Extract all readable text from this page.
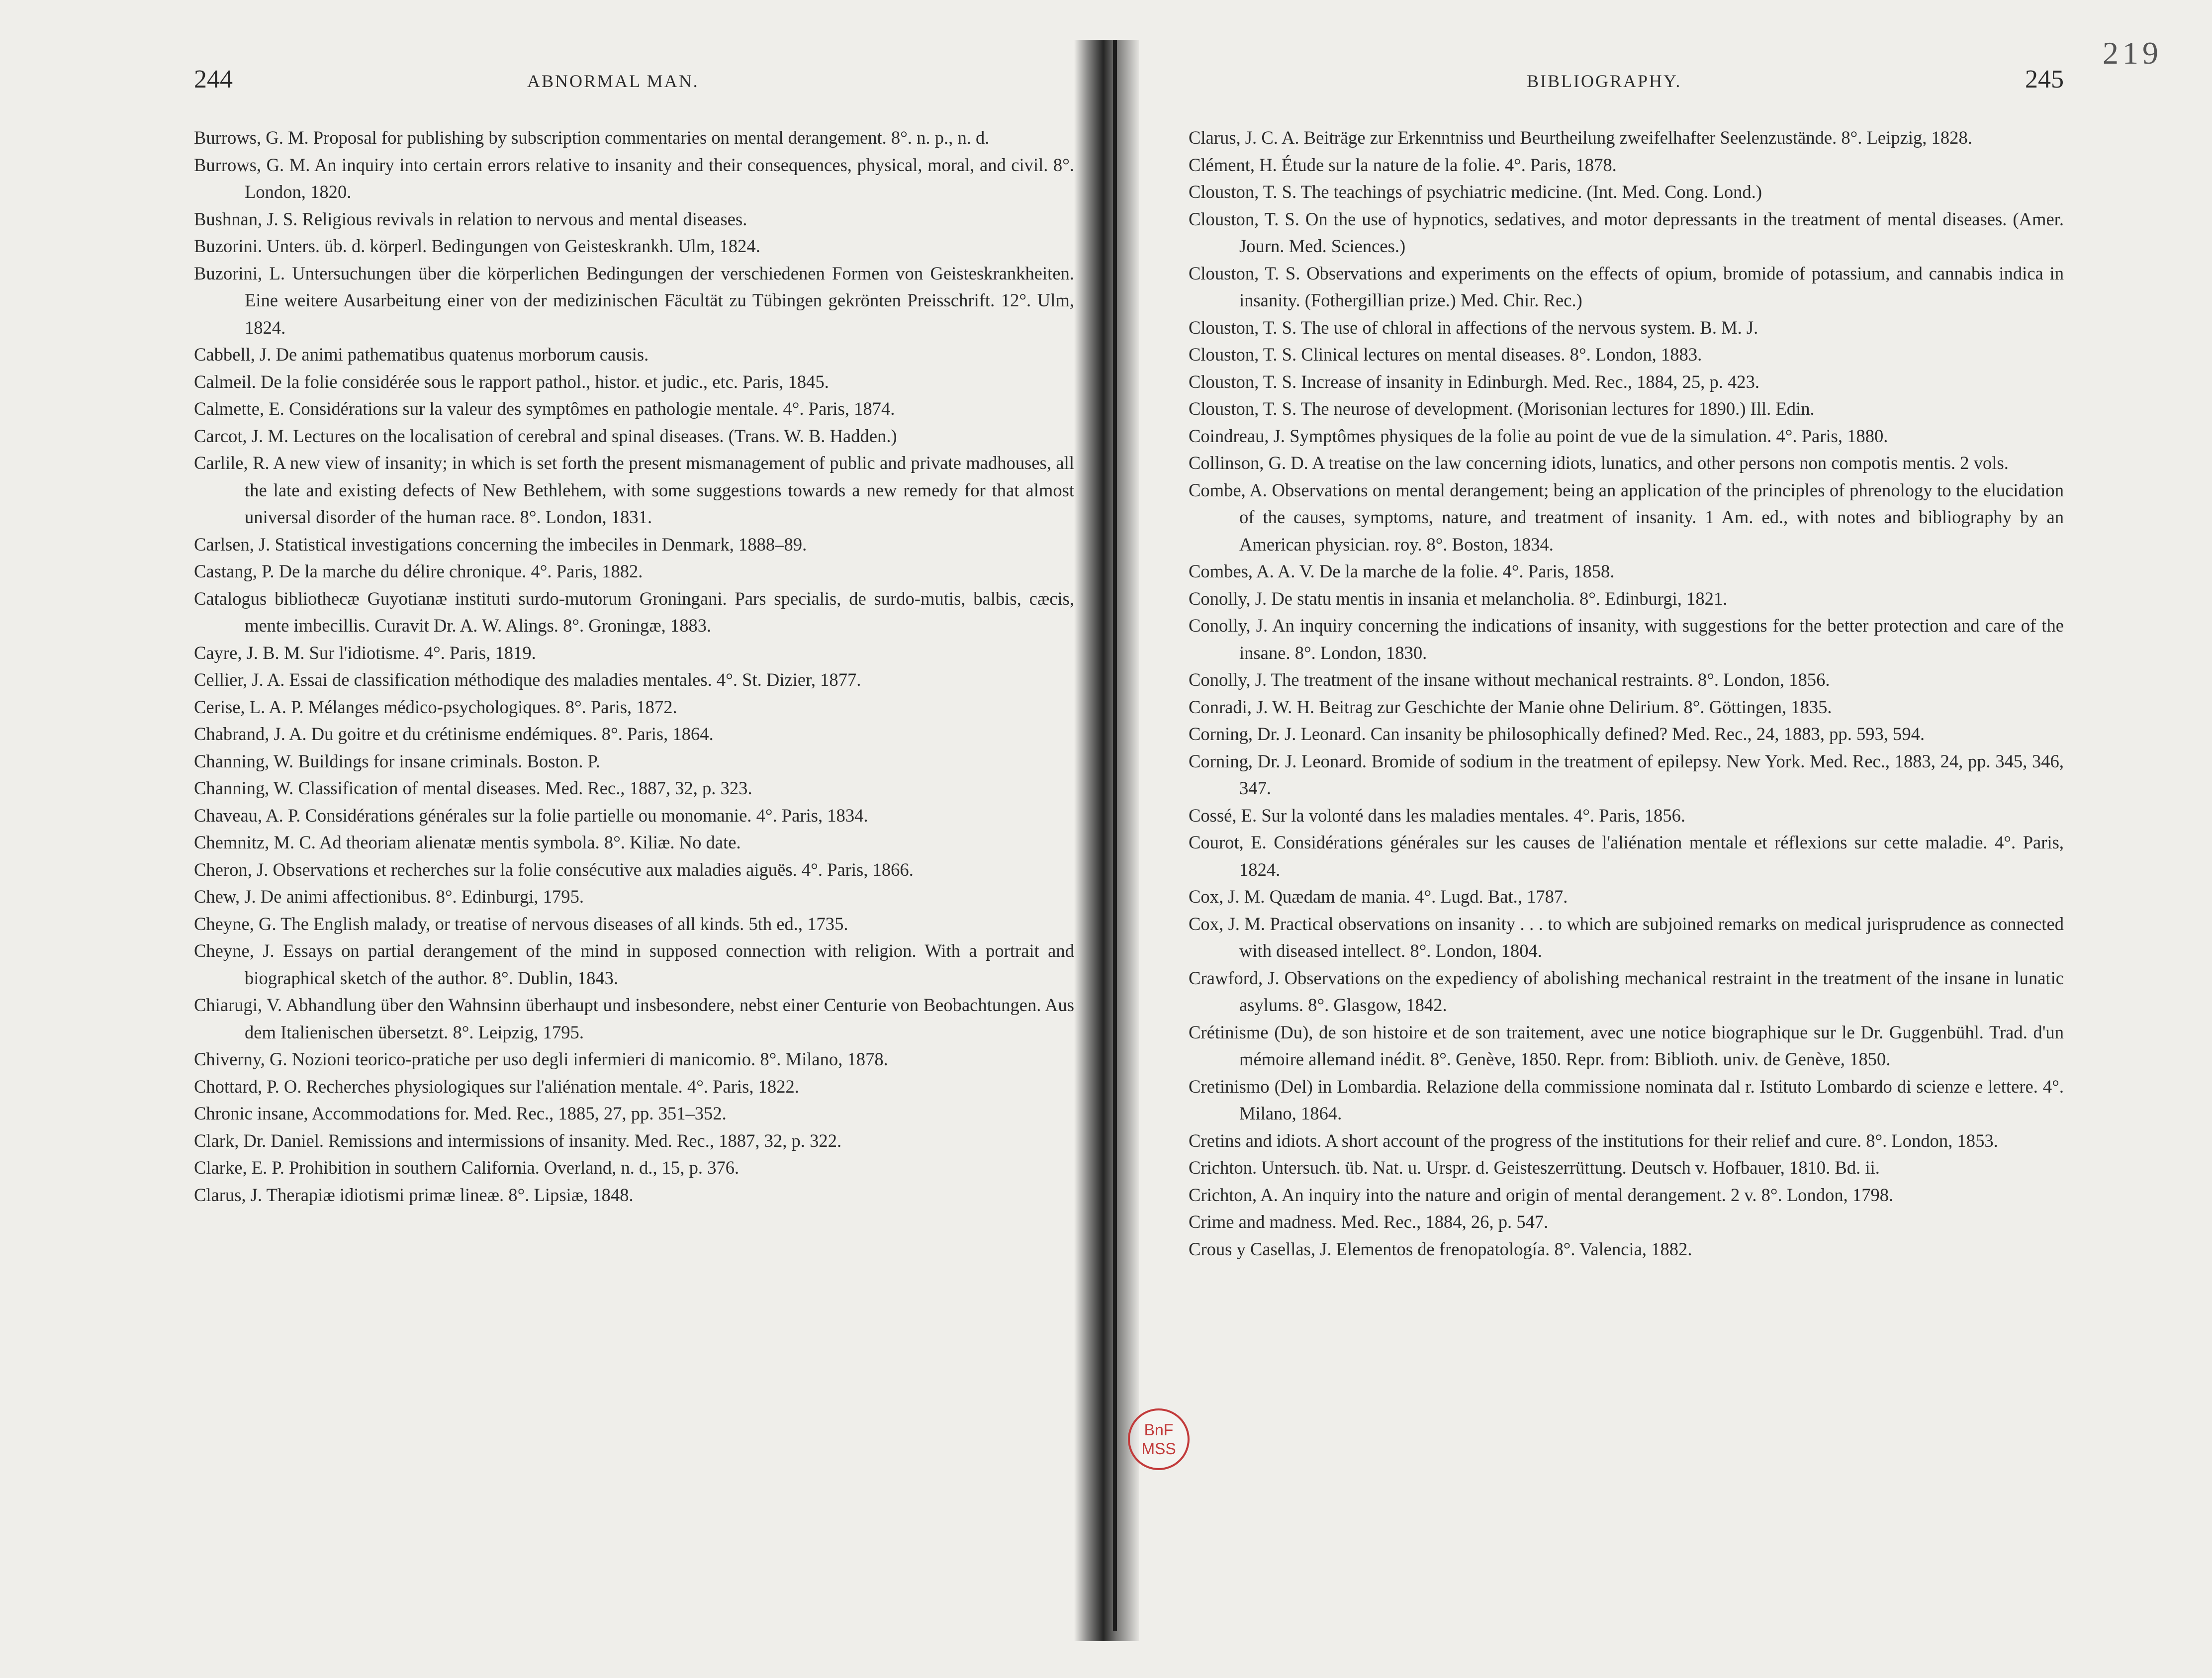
219
244	ABNORMAL MAN.
Burrows, G. M. Proposal for publishing by subscription commentaries on mental derangement. 8°. n. p., n. d.
Burrows, G. M. An inquiry into certain errors relative to insanity and their consequences, physical, moral, and civil. 8°. London, 1820.
Bushnan, J. S. Religious revivals in relation to nervous and mental diseases.
Buzorini. Unters. üb. d. körperl. Bedingungen von Geisteskrankh. Ulm, 1824.
Buzorini, L. Untersuchungen über die körperlichen Bedingungen der verschiedenen Formen von Geisteskrankheiten. Eine weitere Ausarbeitung einer von der medizinischen Fäcultät zu Tübingen gekrönten Preisschrift. 12°. Ulm, 1824.
Cabbell, J. De animi pathematibus quatenus morborum causis.
Calmeil. De la folie considérée sous le rapport pathol., histor. et judic., etc. Paris, 1845.
Calmette, E. Considérations sur la valeur des symptômes en pathologie mentale. 4°. Paris, 1874.
Carcot, J. M. Lectures on the localisation of cerebral and spinal diseases. (Trans. W. B. Hadden.)
Carlile, R. A new view of insanity; in which is set forth the present mismanagement of public and private madhouses, all the late and existing defects of New Bethlehem, with some suggestions towards a new remedy for that almost universal disorder of the human race. 8°. London, 1831.
Carlsen, J. Statistical investigations concerning the imbeciles in Denmark, 1888–89.
Castang, P. De la marche du délire chronique. 4°. Paris, 1882.
Catalogus bibliothecæ Guyotianæ instituti surdo-mutorum Groningani. Pars specialis, de surdo-mutis, balbis, cæcis, mente imbecillis. Curavit Dr. A. W. Alings. 8°. Groningæ, 1883.
Cayre, J. B. M. Sur l'idiotisme. 4°. Paris, 1819.
Cellier, J. A. Essai de classification méthodique des maladies mentales. 4°. St. Dizier, 1877.
Cerise, L. A. P. Mélanges médico-psychologiques. 8°. Paris, 1872.
Chabrand, J. A. Du goitre et du crétinisme endémiques. 8°. Paris, 1864.
Channing, W. Buildings for insane criminals. Boston. P.
Channing, W. Classification of mental diseases. Med. Rec., 1887, 32, p. 323.
Chaveau, A. P. Considérations générales sur la folie partielle ou monomanie. 4°. Paris, 1834.
Chemnitz, M. C. Ad theoriam alienatæ mentis symbola. 8°. Kiliæ. No date.
Cheron, J. Observations et recherches sur la folie consécutive aux maladies aiguës. 4°. Paris, 1866.
Chew, J. De animi affectionibus. 8°. Edinburgi, 1795.
Cheyne, G. The English malady, or treatise of nervous diseases of all kinds. 5th ed., 1735.
Cheyne, J. Essays on partial derangement of the mind in supposed connection with religion. With a portrait and biographical sketch of the author. 8°. Dublin, 1843.
Chiarugi, V. Abhandlung über den Wahnsinn überhaupt und insbesondere, nebst einer Centurie von Beobachtungen. Aus dem Italienischen übersetzt. 8°. Leipzig, 1795.
Chiverny, G. Nozioni teorico-pratiche per uso degli infermieri di manicomio. 8°. Milano, 1878.
Chottard, P. O. Recherches physiologiques sur l'aliénation mentale. 4°. Paris, 1822.
Chronic insane, Accommodations for. Med. Rec., 1885, 27, pp. 351–352.
Clark, Dr. Daniel. Remissions and intermissions of insanity. Med. Rec., 1887, 32, p. 322.
Clarke, E. P. Prohibition in southern California. Overland, n. d., 15, p. 376.
Clarus, J. Therapiæ idiotismi primæ lineæ. 8°. Lipsiæ, 1848.
BIBLIOGRAPHY.	245
Clarus, J. C. A. Beiträge zur Erkenntniss und Beurtheilung zweifelhafter Seelenzustände. 8°. Leipzig, 1828.
Clément, H. Étude sur la nature de la folie. 4°. Paris, 1878.
Clouston, T. S. The teachings of psychiatric medicine. (Int. Med. Cong. Lond.)
Clouston, T. S. On the use of hypnotics, sedatives, and motor depressants in the treatment of mental diseases. (Amer. Journ. Med. Sciences.)
Clouston, T. S. Observations and experiments on the effects of opium, bromide of potassium, and cannabis indica in insanity. (Fothergillian prize.) Med. Chir. Rec.)
Clouston, T. S. The use of chloral in affections of the nervous system. B. M. J.
Clouston, T. S. Clinical lectures on mental diseases. 8°. London, 1883.
Clouston, T. S. Increase of insanity in Edinburgh. Med. Rec., 1884, 25, p. 423.
Clouston, T. S. The neurose of development. (Morisonian lectures for 1890.) Ill. Edin.
Coindreau, J. Symptômes physiques de la folie au point de vue de la simulation. 4°. Paris, 1880.
Collinson, G. D. A treatise on the law concerning idiots, lunatics, and other persons non compotis mentis. 2 vols.
Combe, A. Observations on mental derangement; being an application of the principles of phrenology to the elucidation of the causes, symptoms, nature, and treatment of insanity. 1 Am. ed., with notes and bibliography by an American physician. roy. 8°. Boston, 1834.
Combes, A. A. V. De la marche de la folie. 4°. Paris, 1858.
Conolly, J. De statu mentis in insania et melancholia. 8°. Edinburgi, 1821.
Conolly, J. An inquiry concerning the indications of insanity, with suggestions for the better protection and care of the insane. 8°. London, 1830.
Conolly, J. The treatment of the insane without mechanical restraints. 8°. London, 1856.
Conradi, J. W. H. Beitrag zur Geschichte der Manie ohne Delirium. 8°. Göttingen, 1835.
Corning, Dr. J. Leonard. Can insanity be philosophically defined? Med. Rec., 24, 1883, pp. 593, 594.
Corning, Dr. J. Leonard. Bromide of sodium in the treatment of epilepsy. New York. Med. Rec., 1883, 24, pp. 345, 346, 347.
Cossé, E. Sur la volonté dans les maladies mentales. 4°. Paris, 1856.
Courot, E. Considérations générales sur les causes de l'aliénation mentale et réflexions sur cette maladie. 4°. Paris, 1824.
Cox, J. M. Quædam de mania. 4°. Lugd. Bat., 1787.
Cox, J. M. Practical observations on insanity . . . to which are subjoined remarks on medical jurisprudence as connected with diseased intellect. 8°. London, 1804.
Crawford, J. Observations on the expediency of abolishing mechanical restraint in the treatment of the insane in lunatic asylums. 8°. Glasgow, 1842.
Crétinisme (Du), de son histoire et de son traitement, avec une notice biographique sur le Dr. Guggenbühl. Trad. d'un mémoire allemand inédit. 8°. Genève, 1850. Repr. from: Biblioth. univ. de Genève, 1850.
Cretinismo (Del) in Lombardia. Relazione della commissione nominata dal r. Istituto Lombardo di scienze e lettere. 4°. Milano, 1864.
Cretins and idiots. A short account of the progress of the institutions for their relief and cure. 8°. London, 1853.
Crichton. Untersuch. üb. Nat. u. Urspr. d. Geisteszerrüttung. Deutsch v. Hofbauer, 1810. Bd. ii.
Crichton, A. An inquiry into the nature and origin of mental derangement. 2 v. 8°. London, 1798.
Crime and madness. Med. Rec., 1884, 26, p. 547.
Crous y Casellas, J. Elementos de frenopatología. 8°. Valencia, 1882.
BnF
MSS
